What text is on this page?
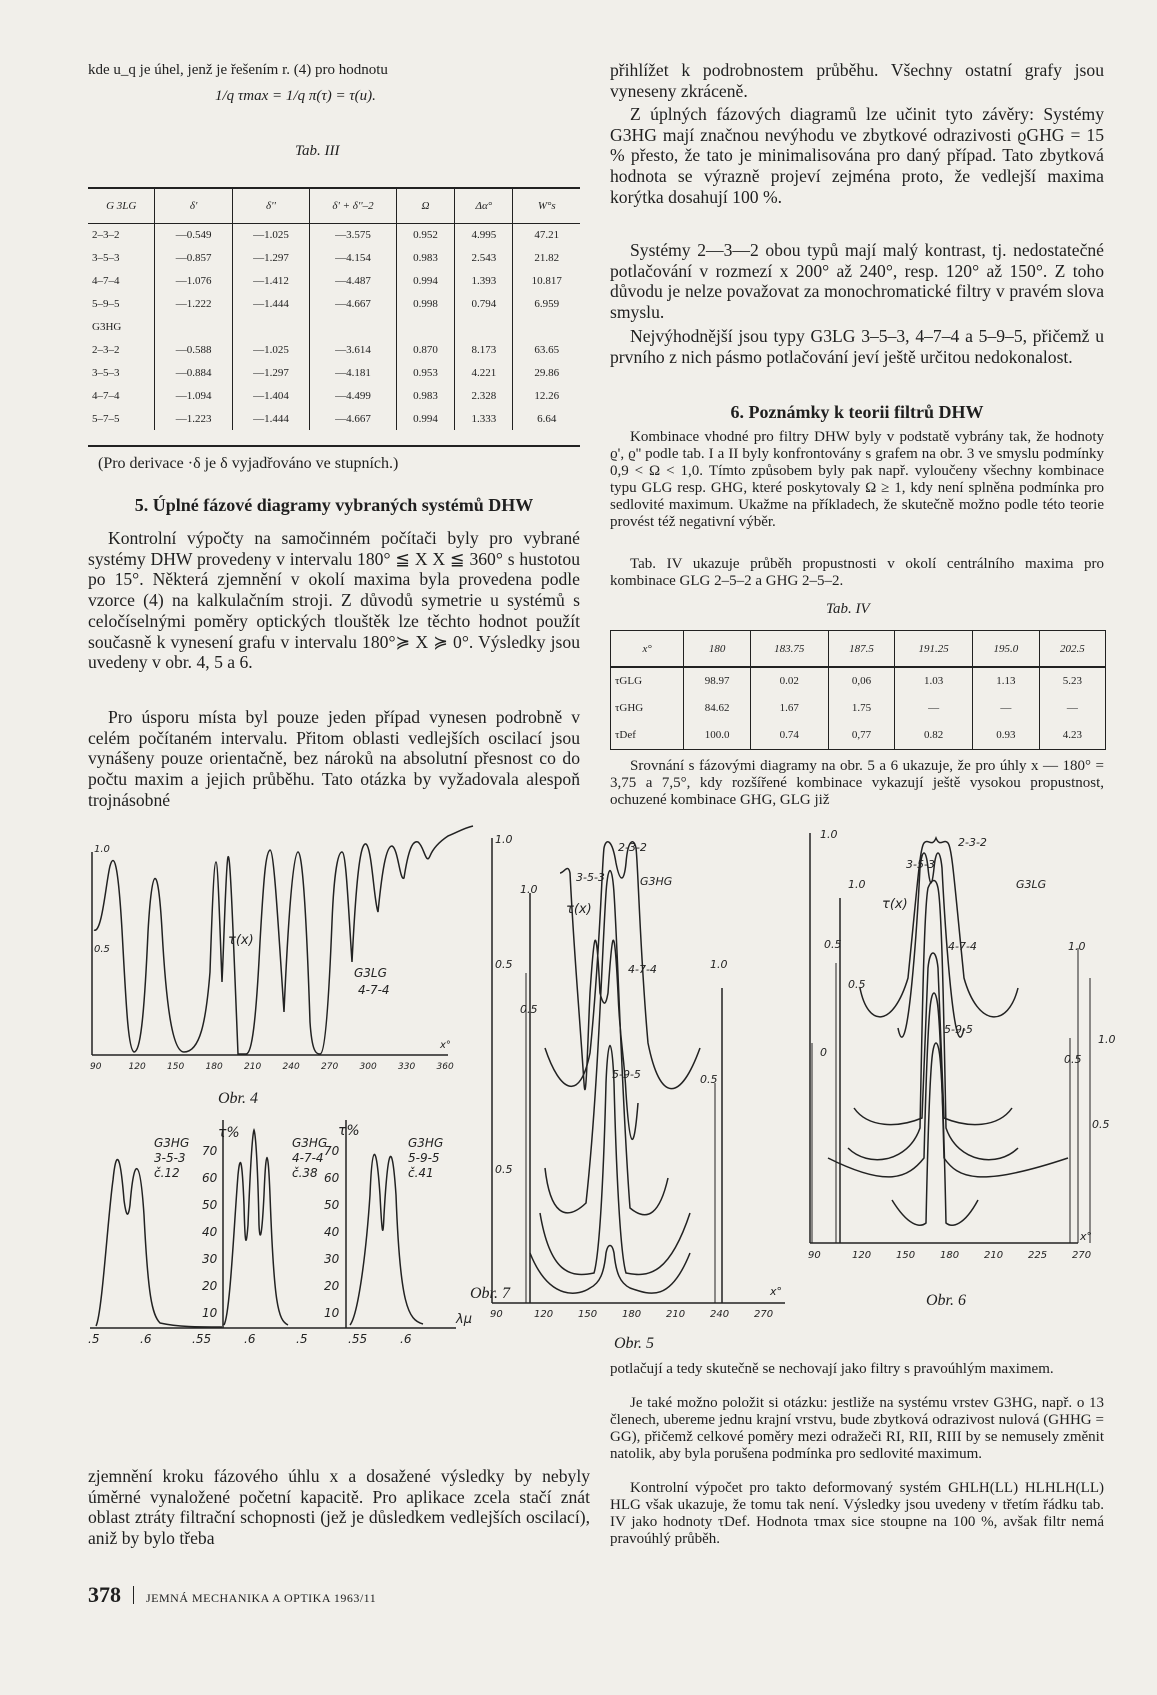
kde u_q je úhel, jenž je řešením r. (4) pro hodnotu

1/q τmax = 1/q π(τ) = τ(u).

Tab. III

G 3LG	δ'	δ''	δ' + δ''–2	Ω	Δα°	W°s
2–3–2	—0.549	—1.025	—3.575	0.952	4.995	47.21
3–5–3	—0.857	—1.297	—4.154	0.983	2.543	21.82
4–7–4	—1.076	—1.412	—4.487	0.994	1.393	10.817
5–9–5	—1.222	—1.444	—4.667	0.998	0.794	6.959
G3HG						
2–3–2	—0.588	—1.025	—3.614	0.870	8.173	63.65
3–5–3	—0.884	—1.297	—4.181	0.953	4.221	29.86
4–7–4	—1.094	—1.404	—4.499	0.983	2.328	12.26
5–7–5	—1.223	—1.444	—4.667	0.994	1.333	6.64

(Pro derivace ·δ je δ vyjadřováno ve stupních.)

5. Úplné fázové diagramy vybraných systémů DHW

Kontrolní výpočty na samočinném počítači byly pro vybrané systémy DHW provedeny v intervalu 180° ≦ X X ≦ 360° s hustotou po 15°. Některá zjemnění v okolí maxima byla provedena podle vzorce (4) na kalkulačním stroji. Z důvodů symetrie u systémů s celočíselnými poměry optických tlouštěk lze těchto hodnot použít současně k vynesení grafu v intervalu 180°≽ X ≽ 0°. Výsledky jsou uvedeny v obr. 4, 5 a 6.

Pro úsporu místa byl pouze jeden případ vynesen podrobně v celém počítaném intervalu. Přitom oblasti vedlejších oscilací jsou vynášeny pouze orientačně, bez nároků na absolutní přesnost co do počtu maxim a jejich průběhu. Tato otázka by vyžadovala alespoň trojnásobné

1.0
0.5
τ(x)
G3LG
4-7-4
x°
90	120 150 180 210 240 270 300 330 360

Obr. 4

τ%	τ%
G3HG
3-5-3
č.12
G3HG
4-7-4
č.38
G3HG
5-9-5
č.41
70
60
50
40
30
20
10
70
60
50
40
30
20
10
.5	.6	.55	.6	.5	.55	.6
λμ

Obr. 7

zjemnění kroku fázového úhlu x a dosažené výsledky by nebyly úměrné vynaložené početní kapacitě. Pro aplikace zcela stačí znát oblast ztráty filtrační schopnosti (jež je důsledkem vedlejších oscilací), aniž by bylo třeba

378 JEMNÁ MECHANIKA A OPTIKA 1963/11

přihlížet k podrobnostem průběhu. Všechny ostatní grafy jsou vyneseny zkráceně.

Z úplných fázových diagramů lze učinit tyto závěry: Systémy G3HG mají značnou nevýhodu ve zbytkové odrazivosti ϱGHG = 15 % přesto, že tato je minimalisována pro daný případ. Tato zbytková hodnota se výrazně projeví zejména proto, že vedlejší maxima korýtka dosahují 100 %.

Systémy 2—3—2 obou typů mají malý kontrast, tj. nedostatečné potlačování v rozmezí x 200° až 240°, resp. 120° až 150°. Z toho důvodu je nelze považovat za monochromatické filtry v pravém slova smyslu.

Nejvýhodnější jsou typy G3LG 3–5–3, 4–7–4 a 5–9–5, přičemž u prvního z nich pásmo potlačování jeví ještě určitou nedokonalost.

6. Poznámky k teorii filtrů DHW

Kombinace vhodné pro filtry DHW byly v podstatě vybrány tak, že hodnoty ϱ', ϱ'' podle tab. I a II byly konfrontovány s grafem na obr. 3 ve smyslu podmínky 0,9 < Ω < 1,0. Tímto způsobem byly pak např. vyloučeny všechny kombinace typu GLG resp. GHG, které poskytovaly Ω ≥ 1, kdy není splněna podmínka pro sedlovité maximum. Ukažme na příkladech, že skutečně možno podle této teorie provést též negativní výběr.

Tab. IV ukazuje průběh propustnosti v okolí centrálního maxima pro kombinace GLG 2–5–2 a GHG 2–5–2.

Tab. IV

x°	180	183.75	187.5	191.25	195.0	202.5
τGLG	98.97	0.02	0,06	1.03	1.13	5.23
τGHG	84.62	1.67	1.75	—	—	—
τDef	100.0	0.74	0,77	0.82	0.93	4.23

Srovnání s fázovými diagramy na obr. 5 a 6 ukazuje, že pro úhly x — 180° = 3,75 a 7,5°, kdy rozšířené kombinace vykazují ještě vysokou propustnost, ochuzené kombinace GHG, GLG již

2-3-2
3-5-3	G3HG
4-7-4
5-9-5
τ(x)
1.0
1.0
0.5	1.0
0.5
0.5
0.5
x°
90	120 150 180 210 240 270

Obr. 5

2-3-2
3-5-3
G3LG
4-7-4
5-9-5
τ(x)
1.0
1.0
0.5	1.0
0.5
0
1.0
0.5
0.5
x°
90	120 150 180 210 225 270

Obr. 6

potlačují a tedy skutečně se nechovají jako filtry s pravoúhlým maximem.

Je také možno položit si otázku: jestliže na systému vrstev G3HG, např. o 13 členech, ubereme jednu krajní vrstvu, bude zbytková odrazivost nulová (GHHG = GG), přičemž celkové poměry mezi odražeči RI, RII, RIII by se nemusely změnit natolik, aby byla porušena podmínka pro sedlovité maximum.

Kontrolní výpočet pro takto deformovaný systém GHLH(LL) HLHLH(LL) HLG však ukazuje, že tomu tak není. Výsledky jsou uvedeny v třetím řádku tab. IV jako hodnoty τDef. Hodnota τmax sice stoupne na 100 %, avšak filtr nemá pravoúhlý průběh.
